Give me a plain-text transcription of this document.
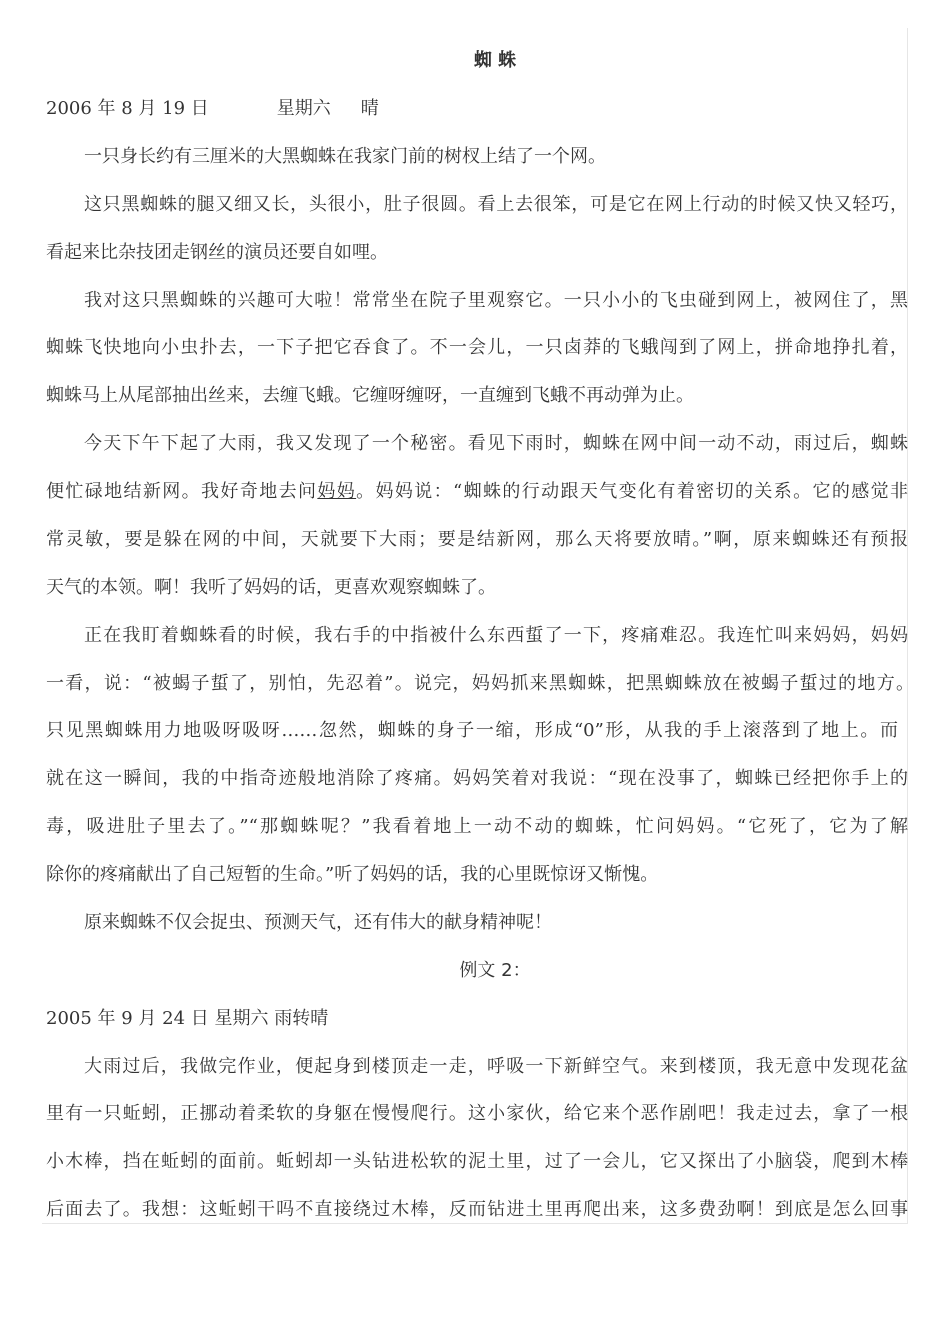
蜘 蛛
2006 年 8 月 19 日	星期六 晴
一只身长约有三厘米的大黑蜘蛛在我家门前的树杈上结了一个网。
这只黑蜘蛛的腿又细又长，头很小，肚子很圆。看上去很笨，可是它在网上行动的时候又快又轻巧，
看起来比杂技团走钢丝的演员还要自如哩。
我对这只黑蜘蛛的兴趣可大啦！常常坐在院子里观察它。一只小小的飞虫碰到网上，被网住了，黑
蜘蛛飞快地向小虫扑去，一下子把它吞食了。不一会儿，一只卤莽的飞蛾闯到了网上，拼命地挣扎着，
蜘蛛马上从尾部抽出丝来，去缠飞蛾。它缠呀缠呀，一直缠到飞蛾不再动弹为止。
今天下午下起了大雨，我又发现了一个秘密。看见下雨时，蜘蛛在网中间一动不动，雨过后，蜘蛛
便忙碌地结新网。我好奇地去问妈妈。妈妈说：“蜘蛛的行动跟天气变化有着密切的关系。它的感觉非
常灵敏，要是躲在网的中间，天就要下大雨；要是结新网，那么天将要放晴。”啊，原来蜘蛛还有预报
天气的本领。啊！我听了妈妈的话，更喜欢观察蜘蛛了。
正在我盯着蜘蛛看的时候，我右手的中指被什么东西蜇了一下，疼痛难忍。我连忙叫来妈妈，妈妈
一看，说：“被蝎子蜇了，别怕，先忍着”。说完，妈妈抓来黑蜘蛛，把黑蜘蛛放在被蝎子蜇过的地方。
只见黑蜘蛛用力地吸呀吸呀……忽然，蜘蛛的身子一缩，形成“0”形，从我的手上滚落到了地上。而
就在这一瞬间，我的中指奇迹般地消除了疼痛。妈妈笑着对我说：“现在没事了，蜘蛛已经把你手上的
毒，吸进肚子里去了。”“那蜘蛛呢？”我看着地上一动不动的蜘蛛，忙问妈妈。“它死了，它为了解
除你的疼痛献出了自己短暂的生命。”听了妈妈的话，我的心里既惊讶又惭愧。
原来蜘蛛不仅会捉虫、预测天气，还有伟大的献身精神呢！
例文 2：
2005 年 9 月 24 日 星期六 雨转晴
大雨过后，我做完作业，便起身到楼顶走一走，呼吸一下新鲜空气。来到楼顶，我无意中发现花盆
里有一只蚯蚓，正挪动着柔软的身躯在慢慢爬行。这小家伙，给它来个恶作剧吧！我走过去，拿了一根
小木棒，挡在蚯蚓的面前。蚯蚓却一头钻进松软的泥土里，过了一会儿，它又探出了小脑袋，爬到木棒
后面去了。我想：这蚯蚓干吗不直接绕过木棒，反而钻进土里再爬出来，这多费劲啊！到底是怎么回事
